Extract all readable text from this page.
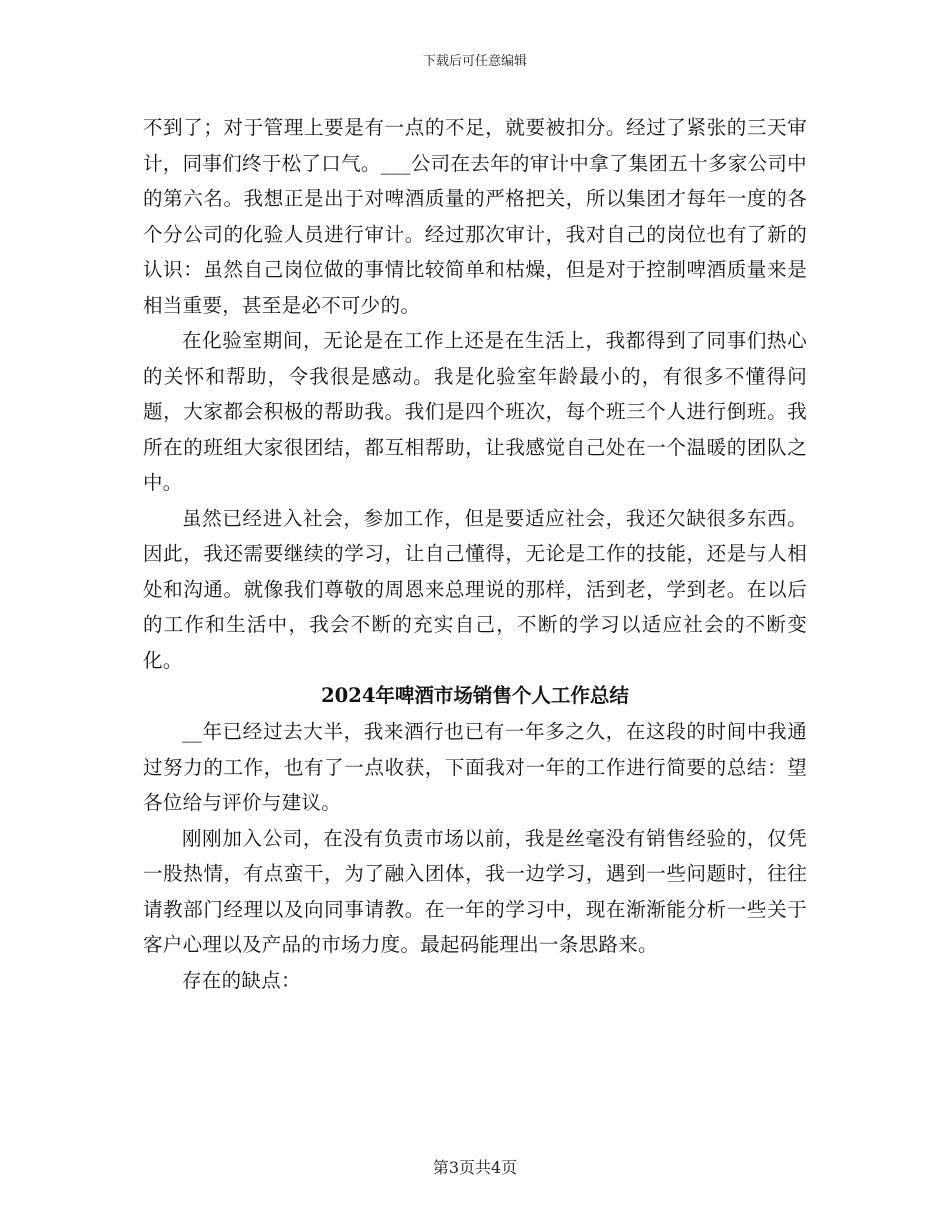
下载后可任意编辑

不到了；对于管理上要是有一点的不足，就要被扣分。经过了紧张的三天审计，同事们终于松了口气。___公司在去年的审计中拿了集团五十多家公司中的第六名。我想正是出于对啤酒质量的严格把关，所以集团才每年一度的各个分公司的化验人员进行审计。经过那次审计，我对自己的岗位也有了新的认识：虽然自己岗位做的事情比较简单和枯燥，但是对于控制啤酒质量来是相当重要，甚至是必不可少的。

在化验室期间，无论是在工作上还是在生活上，我都得到了同事们热心的关怀和帮助，令我很是感动。我是化验室年龄最小的，有很多不懂得问题，大家都会积极的帮助我。我们是四个班次，每个班三个人进行倒班。我所在的班组大家很团结，都互相帮助，让我感觉自己处在一个温暖的团队之中。

虽然已经进入社会，参加工作，但是要适应社会，我还欠缺很多东西。因此，我还需要继续的学习，让自己懂得，无论是工作的技能，还是与人相处和沟通。就像我们尊敬的周恩来总理说的那样，活到老，学到老。在以后的工作和生活中，我会不断的充实自己，不断的学习以适应社会的不断变化。

2024年啤酒市场销售个人工作总结

__年已经过去大半，我来酒行也已有一年多之久，在这段的时间中我通过努力的工作，也有了一点收获，下面我对一年的工作进行简要的总结：望各位给与评价与建议。

刚刚加入公司，在没有负责市场以前，我是丝毫没有销售经验的，仅凭一股热情，有点蛮干，为了融入团体，我一边学习，遇到一些问题时，往往请教部门经理以及向同事请教。在一年的学习中，现在渐渐能分析一些关于客户心理以及产品的市场力度。最起码能理出一条思路来。

存在的缺点：

第3页共4页
